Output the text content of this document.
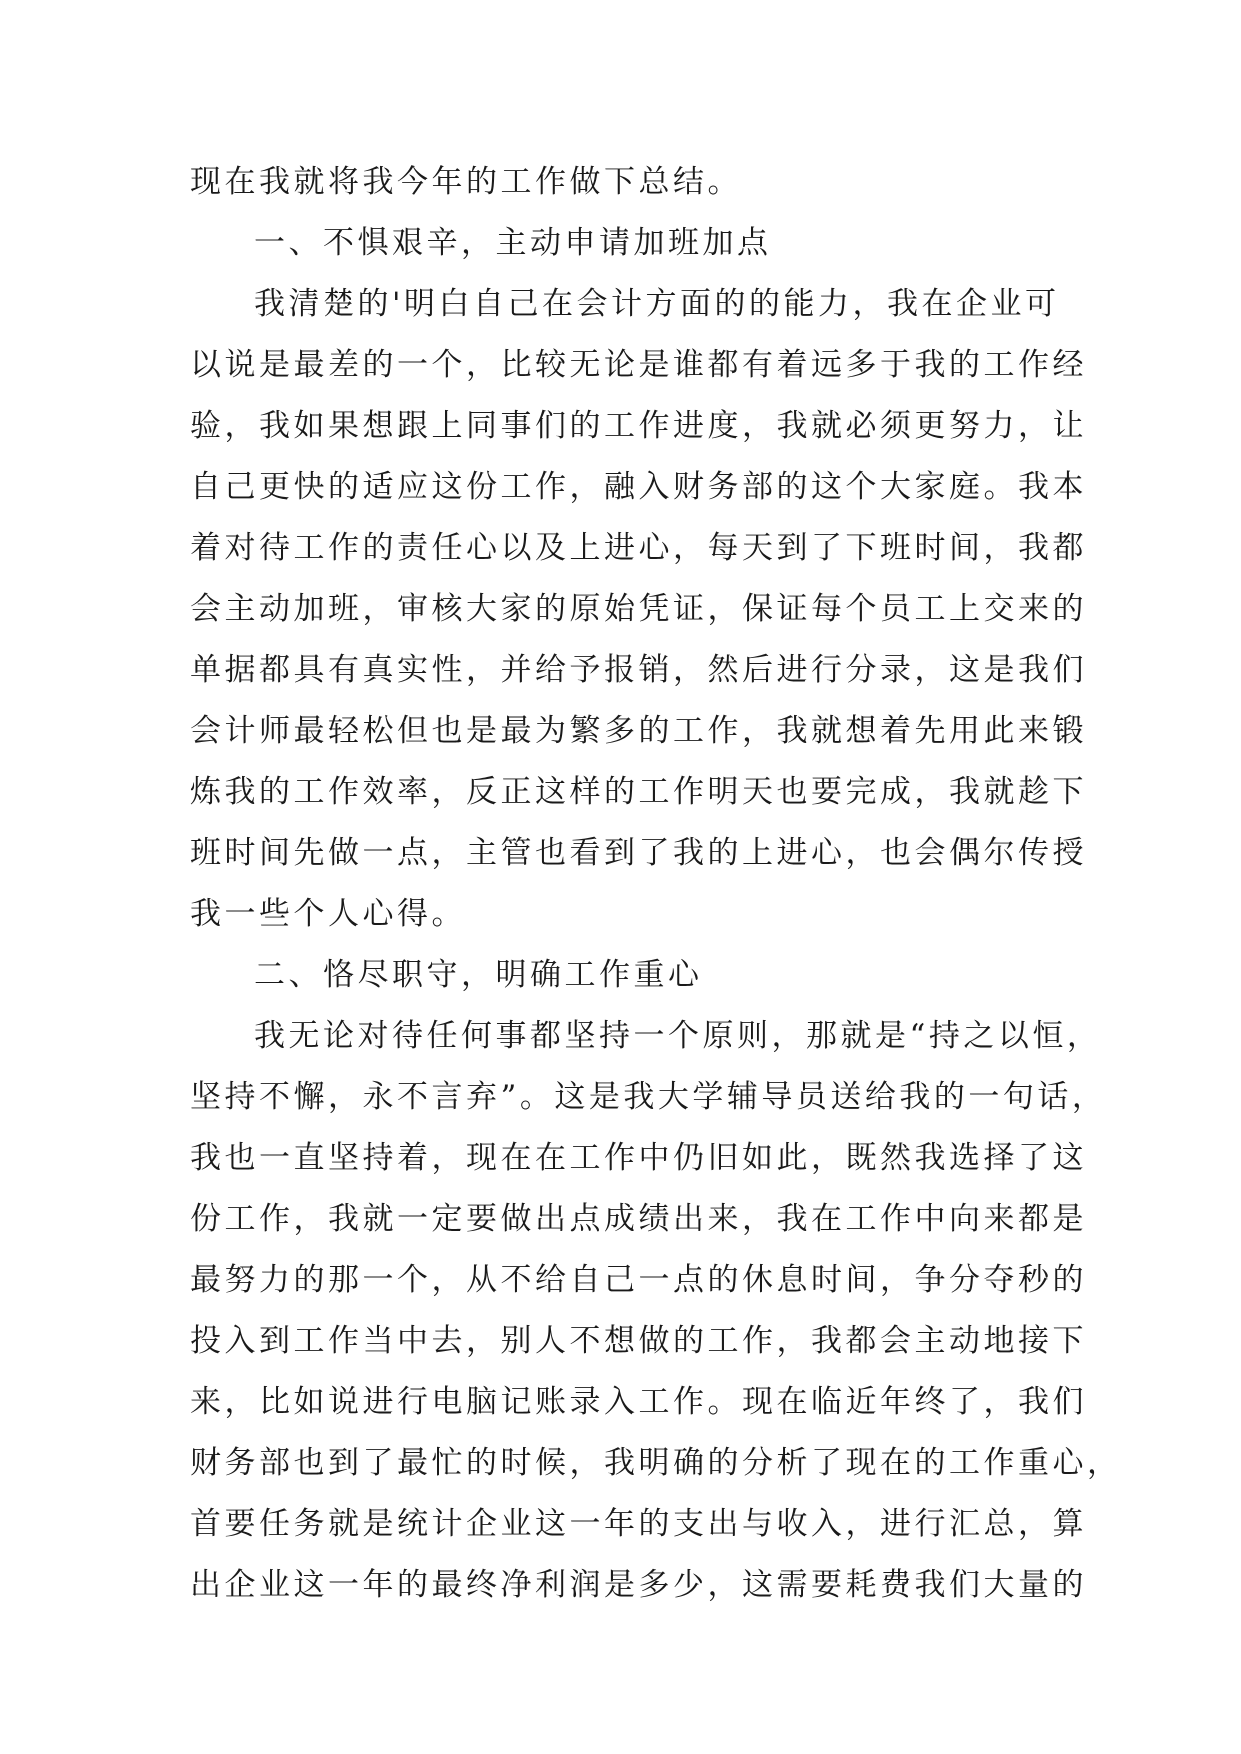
现在我就将我今年的工作做下总结。
一、不惧艰辛，主动申请加班加点
我清楚的'明白自己在会计方面的的能力，我在企业可
以说是最差的一个，比较无论是谁都有着远多于我的工作经
验，我如果想跟上同事们的工作进度，我就必须更努力，让
自己更快的适应这份工作，融入财务部的这个大家庭。我本
着对待工作的责任心以及上进心，每天到了下班时间，我都
会主动加班，审核大家的原始凭证，保证每个员工上交来的
单据都具有真实性，并给予报销，然后进行分录，这是我们
会计师最轻松但也是最为繁多的工作，我就想着先用此来锻
炼我的工作效率，反正这样的工作明天也要完成，我就趁下
班时间先做一点，主管也看到了我的上进心，也会偶尔传授
我一些个人心得。
二、恪尽职守，明确工作重心
我无论对待任何事都坚持一个原则，那就是“持之以恒，
坚持不懈，永不言弃”。这是我大学辅导员送给我的一句话，
我也一直坚持着，现在在工作中仍旧如此，既然我选择了这
份工作，我就一定要做出点成绩出来，我在工作中向来都是
最努力的那一个，从不给自己一点的休息时间，争分夺秒的
投入到工作当中去，别人不想做的工作，我都会主动地接下
来，比如说进行电脑记账录入工作。现在临近年终了，我们
财务部也到了最忙的时候，我明确的分析了现在的工作重心，
首要任务就是统计企业这一年的支出与收入，进行汇总，算
出企业这一年的最终净利润是多少，这需要耗费我们大量的
